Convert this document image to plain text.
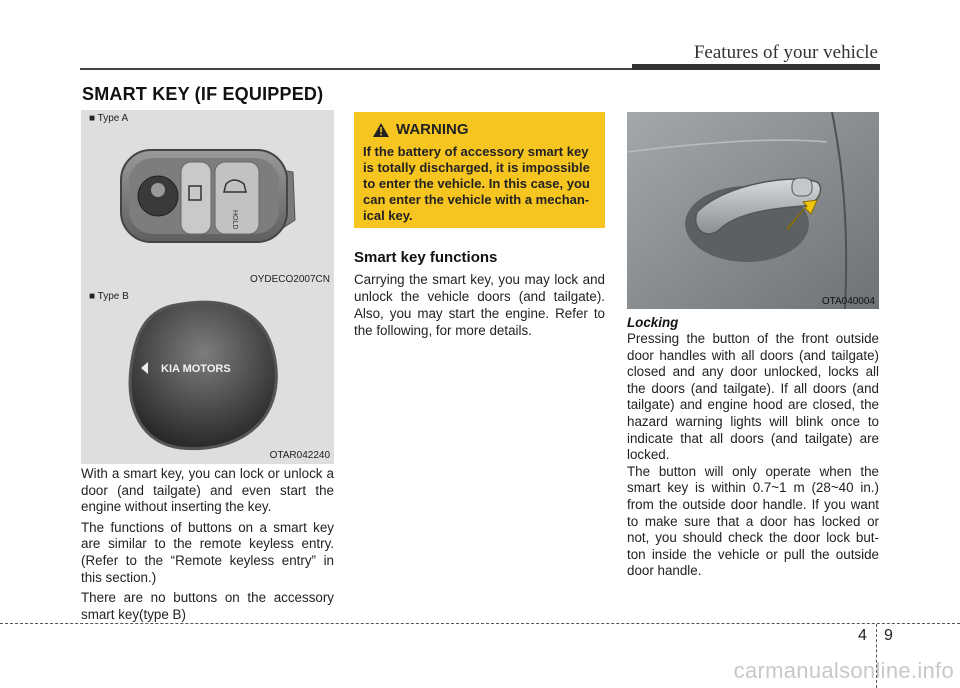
Features of your vehicle
SMART KEY (IF EQUIPPED)
HOLD
■ Type A
OYDECO2007CN
KIA MOTORS
■ Type B
OTAR042240

With a smart key, you can lock or unlock a door (and tailgate) and even start the engine without inserting the key.

The functions of buttons on a smart key are similar to the remote keyless entry. (Refer to the “Remote keyless entry” in this section.)

There are no buttons on the accessory smart key(type B)

WARNING
If the battery of accessory smart key is totally discharged, it is impossible to enter the vehicle. In this case, you can enter the vehicle with a mechan-ical key.
Smart key functions

Carrying the smart key, you may lock and unlock the vehicle doors (and tailgate). Also, you may start the engine. Refer to the following, for more details.

OTA040004
Locking

Pressing the button of the front outside door handles with all doors (and tailgate) closed and any door unlocked, locks all the doors (and tailgate). If all doors (and tailgate) and engine hood are closed, the hazard warning lights will blink once to indicate that all doors (and tailgate) are locked.

The button will only operate when the smart key is within 0.7~1 m (28~40 in.) from the outside door handle. If you want to make sure that a door has locked or not, you should check the door lock but-ton inside the vehicle or pull the outside door handle.

4 9
carmanualsonline.info
